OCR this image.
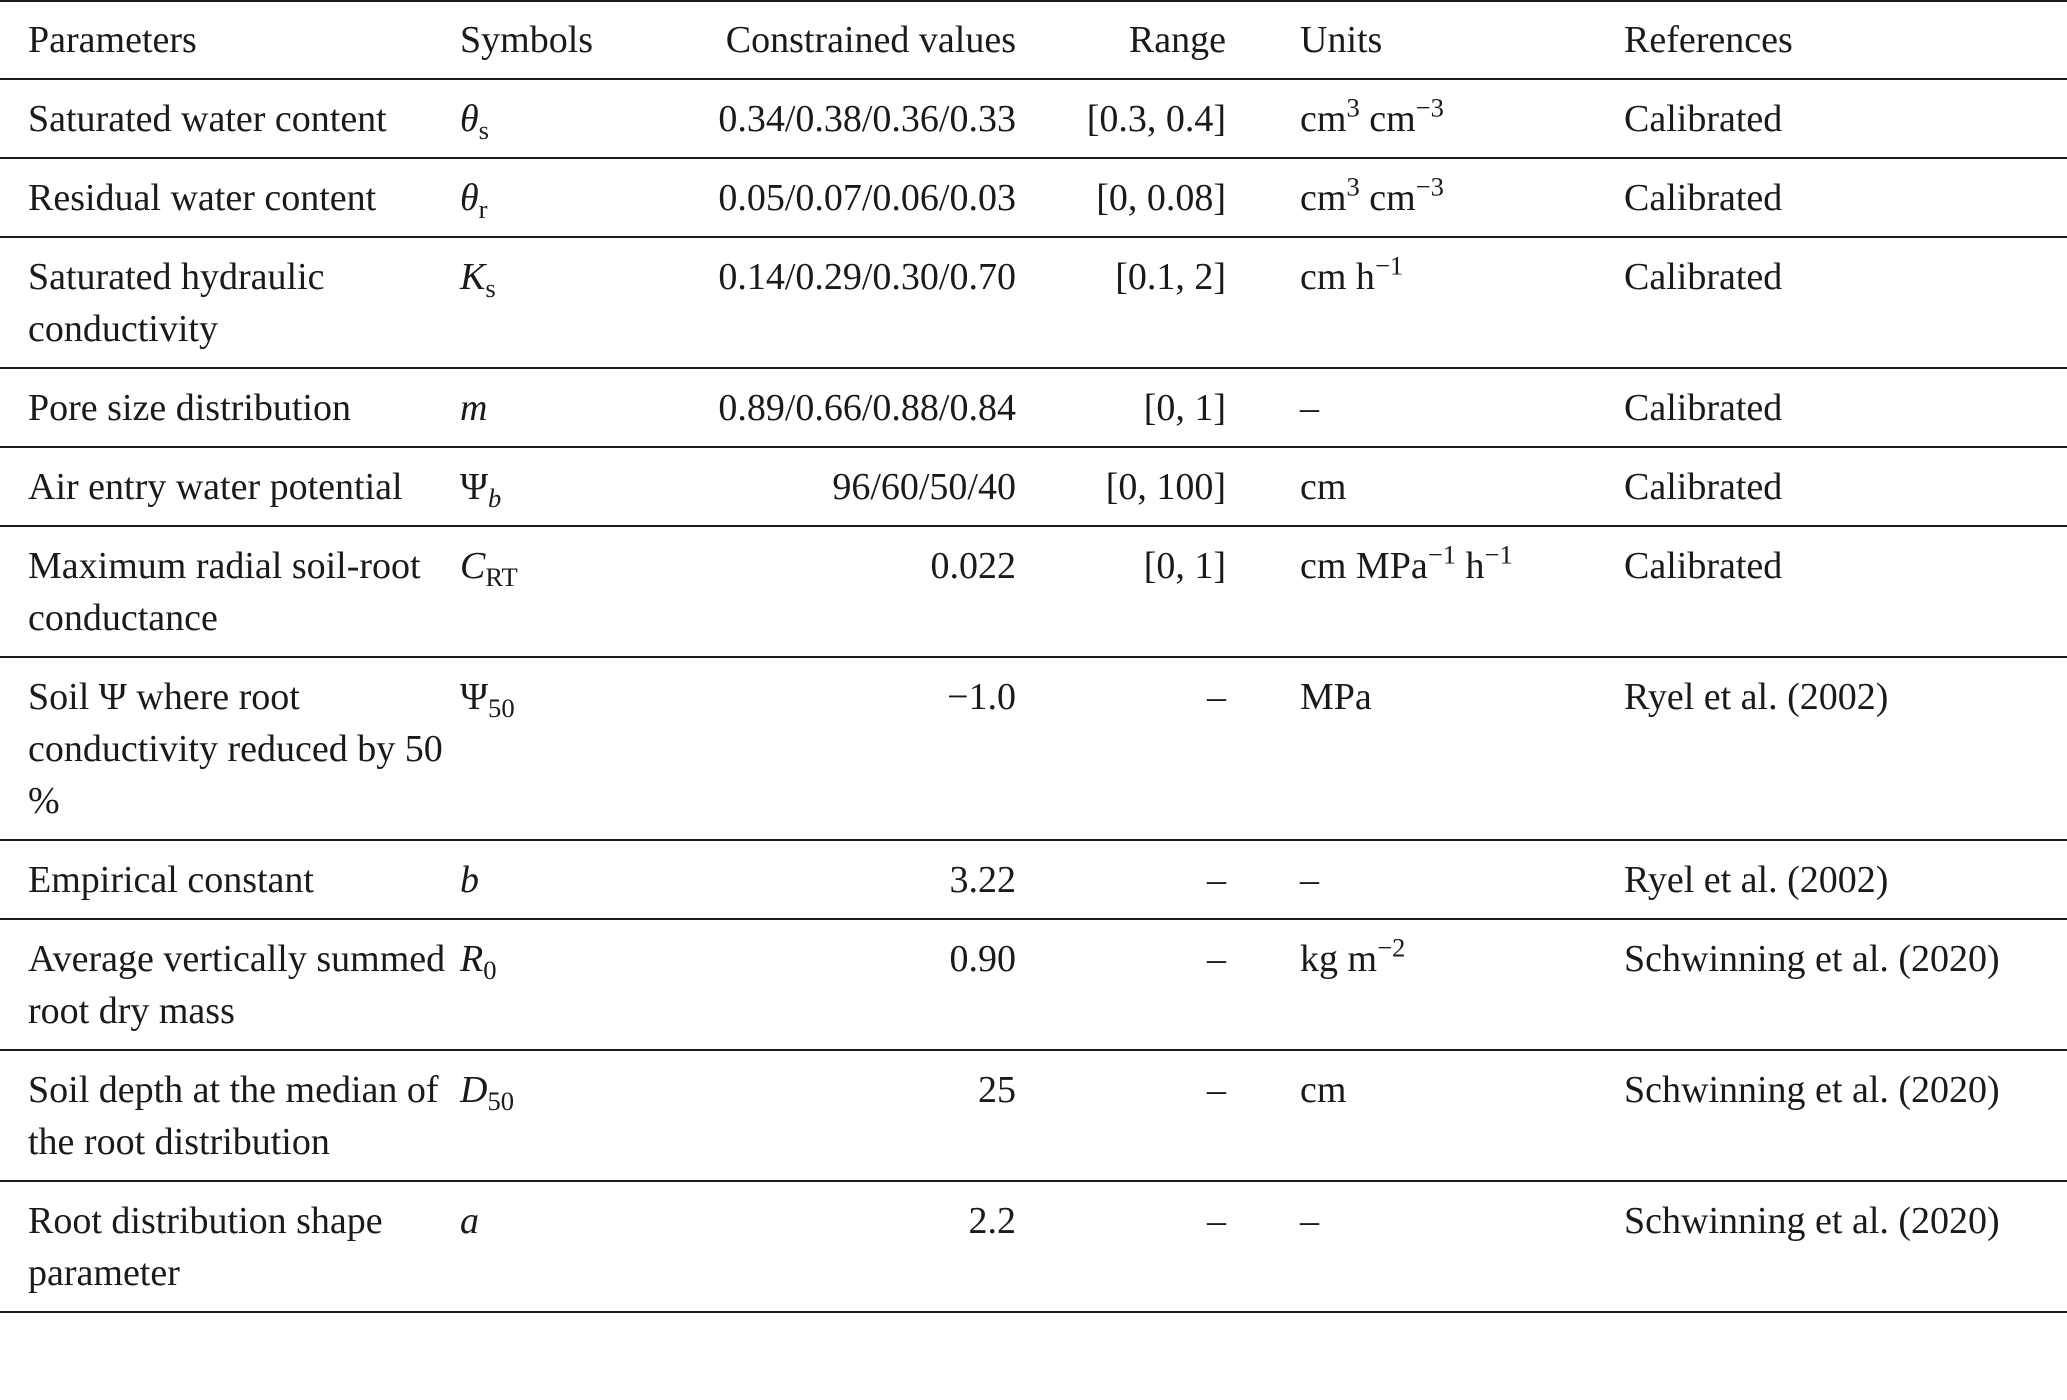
Parameters	Symbols	Constrained values	Range	Units	References
Saturated water content	$\theta_s$	0.34/0.38/0.36/0.33	[0.3, 0.4]	$cm^3$ $cm^{-3}$	Calibrated
Residual water content	$\theta_r$	0.05/0.07/0.06/0.03	[0, 0.08]	$cm^3$ $cm^{-3}$	Calibrated
Saturated hydraulic conductivity	$K_s$	0.14/0.29/0.30/0.70	[0.1, 2]	cm $h^{-1}$	Calibrated
Pore size distribution	m	0.89/0.66/0.88/0.84	[0, 1]	–	Calibrated
Air entry water potential	$\Psi_b$	96/60/50/40	[0, 100]	cm	Calibrated
Maximum radial soil-root conductance	$C_{RT}$	0.022	[0, 1]	cm MPa$^{-1}$ $h^{-1}$	Calibrated
Soil Ψ where root conductivity reduced by 50 %	$\Psi_{50}$	−1.0	–	MPa	Ryel et al. (2002)
Empirical constant	b	3.22	–	–	Ryel et al. (2002)
Average vertically summed root dry mass	$R_0$	0.90	–	kg $m^{-2}$	Schwinning et al. (2020)
Soil depth at the median of the root distribution	$D_{50}$	25	–	cm	Schwinning et al. (2020)
Root distribution shape parameter	a	2.2	–	–	Schwinning et al. (2020)
